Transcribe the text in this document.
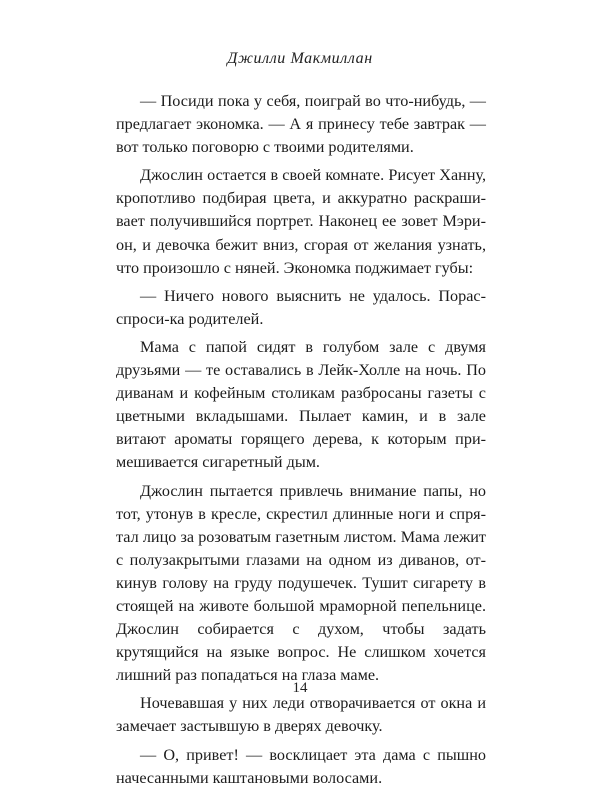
Джилли Макмиллан

— Посиди пока у себя, поиграй во что-нибудь, — предлагает экономка. — А я принесу тебе завтрак — вот только поговорю с твоими родителями.

Джослин остается в своей комнате. Рисует Ханну, кропотливо подбирая цвета, и аккуратно раскрашивает получившийся портрет. Наконец ее зовет Мэрион, и девочка бежит вниз, сгорая от желания узнать, что произошло с няней. Экономка поджимает губы:

— Ничего нового выяснить не удалось. Порасспроси-ка родителей.

Мама с папой сидят в голубом зале с двумя друзьями — те оставались в Лейк-Холле на ночь. По диванам и кофейным столикам разбросаны газеты с цветными вкладышами. Пылает камин, и в зале витают ароматы горящего дерева, к которым примешивается сигаретный дым.

Джослин пытается привлечь внимание папы, но тот, утонув в кресле, скрестил длинные ноги и спрятал лицо за розоватым газетным листом. Мама лежит с полузакрытыми глазами на одном из диванов, откинув голову на груду подушечек. Тушит сигарету в стоящей на животе большой мраморной пепельнице. Джослин собирается с духом, чтобы задать крутящийся на языке вопрос. Не слишком хочется лишний раз попадаться на глаза маме.

Ночевавшая у них леди отворачивается от окна и замечает застывшую в дверях девочку.

— О, привет! — восклицает эта дама с пышно начесанными каштановыми волосами.

14
